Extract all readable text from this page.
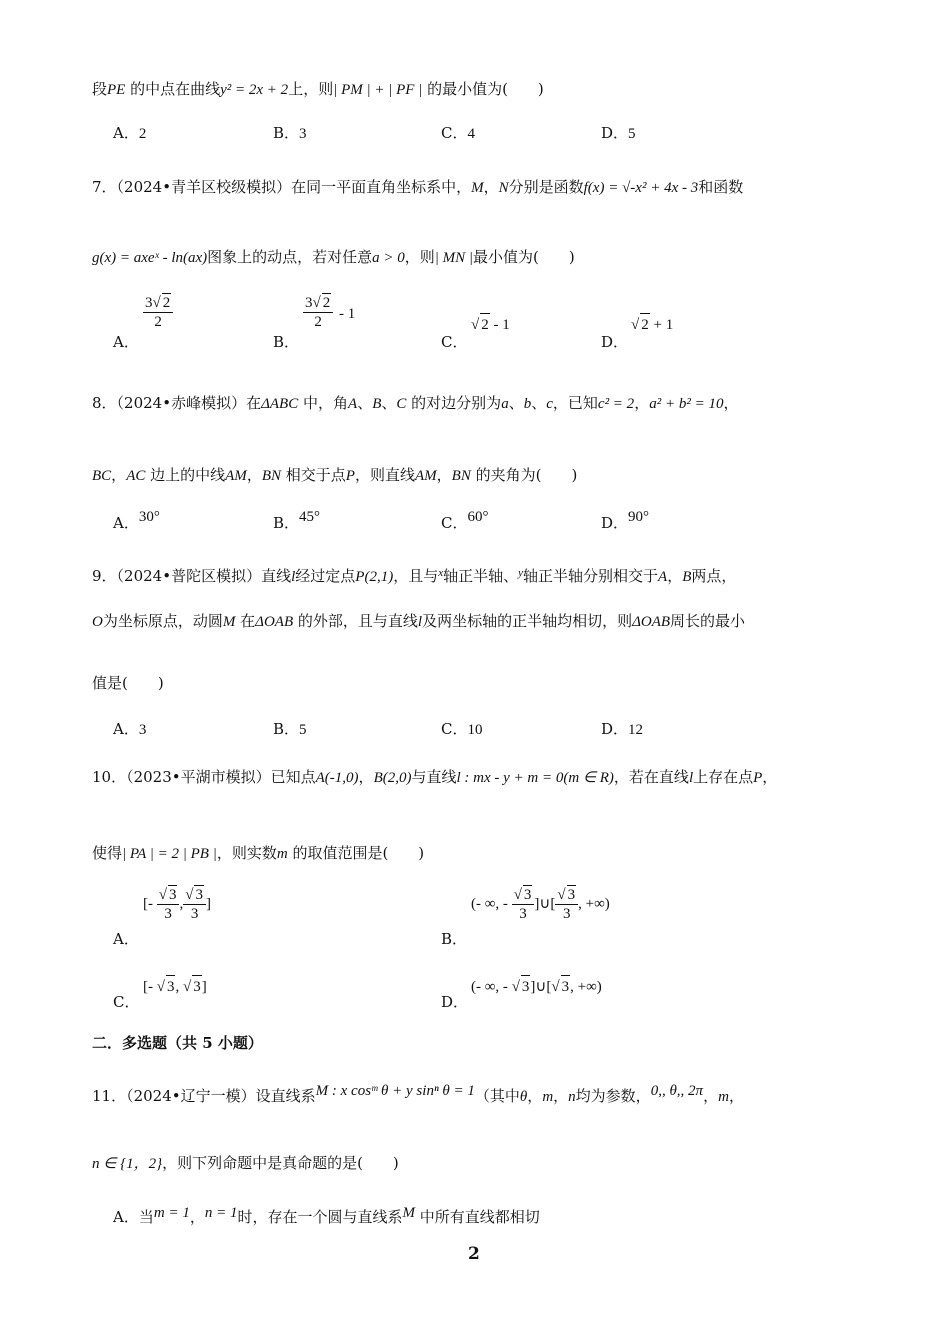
段PE 的中点在曲线y² = 2x + 2上，则| PM | + | PF | 的最小值为(　　)
A．2	B．3	C．4	D．5
7．（2024•青羊区校级模拟）在同一平面直角坐标系中，M，N分别是函数f(x) = √-x² + 4x - 3和函数
g(x) = axeˣ - ln(ax)图象上的动点，若对任意a > 0，则| MN |最小值为(　　)
A．
$\frac{3√ 2}{2}$
B．
$\frac{3√ 2}{2} - 1$
C．
√ 2 - 1
D．
√ 2 + 1
8．（2024•赤峰模拟）在ΔABC 中，角A、B、C 的对边分别为a、b、c，已知c² = 2，a² + b² = 10，
BC，AC 边上的中线AM，BN 相交于点P，则直线AM，BN 的夹角为(　　)
A．30°	B．45°	C．60°	D．90°
9．（2024•普陀区模拟）直线l经过定点P(2,1)，且与$^x$轴正半轴、$^y$轴正半轴分别相交于A，B两点，
O为坐标原点，动圆M 在ΔOAB 的外部，且与直线l及两坐标轴的正半轴均相切，则ΔOAB周长的最小
值是(　　)
A．3	B．5	C．10	D．12
10．（2023•平湖市模拟）已知点A(-1,0)，B(2,0)与直线l : mx - y + m = 0(m ∈ R)，若在直线l上存在点P，
使得| PA | = 2 | PB |，则实数m 的取值范围是(　　)
A．
[- $\frac{√ 3}{3}$ , $\frac{√ 3}{3}$ ]
B．
(- ∞, - $\frac{√ 3}{3}$ ]∪[ $\frac{√ 3}{3}$ , +∞)
C．
[- √ 3, √ 3]
D．
(- ∞, - √ 3]∪[√ 3, +∞)
二．多选题（共 5 小题）
11．（2024•辽宁一模）设直线系M : x cosᵐ θ + y sinⁿ θ = 1（其中θ，m，n均为参数，0,, θ,, 2π，m，
n ∈ {1，2}，则下列命题中是真命题的是(　　)
A．当m = 1，n = 1时，存在一个圆与直线系M 中所有直线都相切
2
